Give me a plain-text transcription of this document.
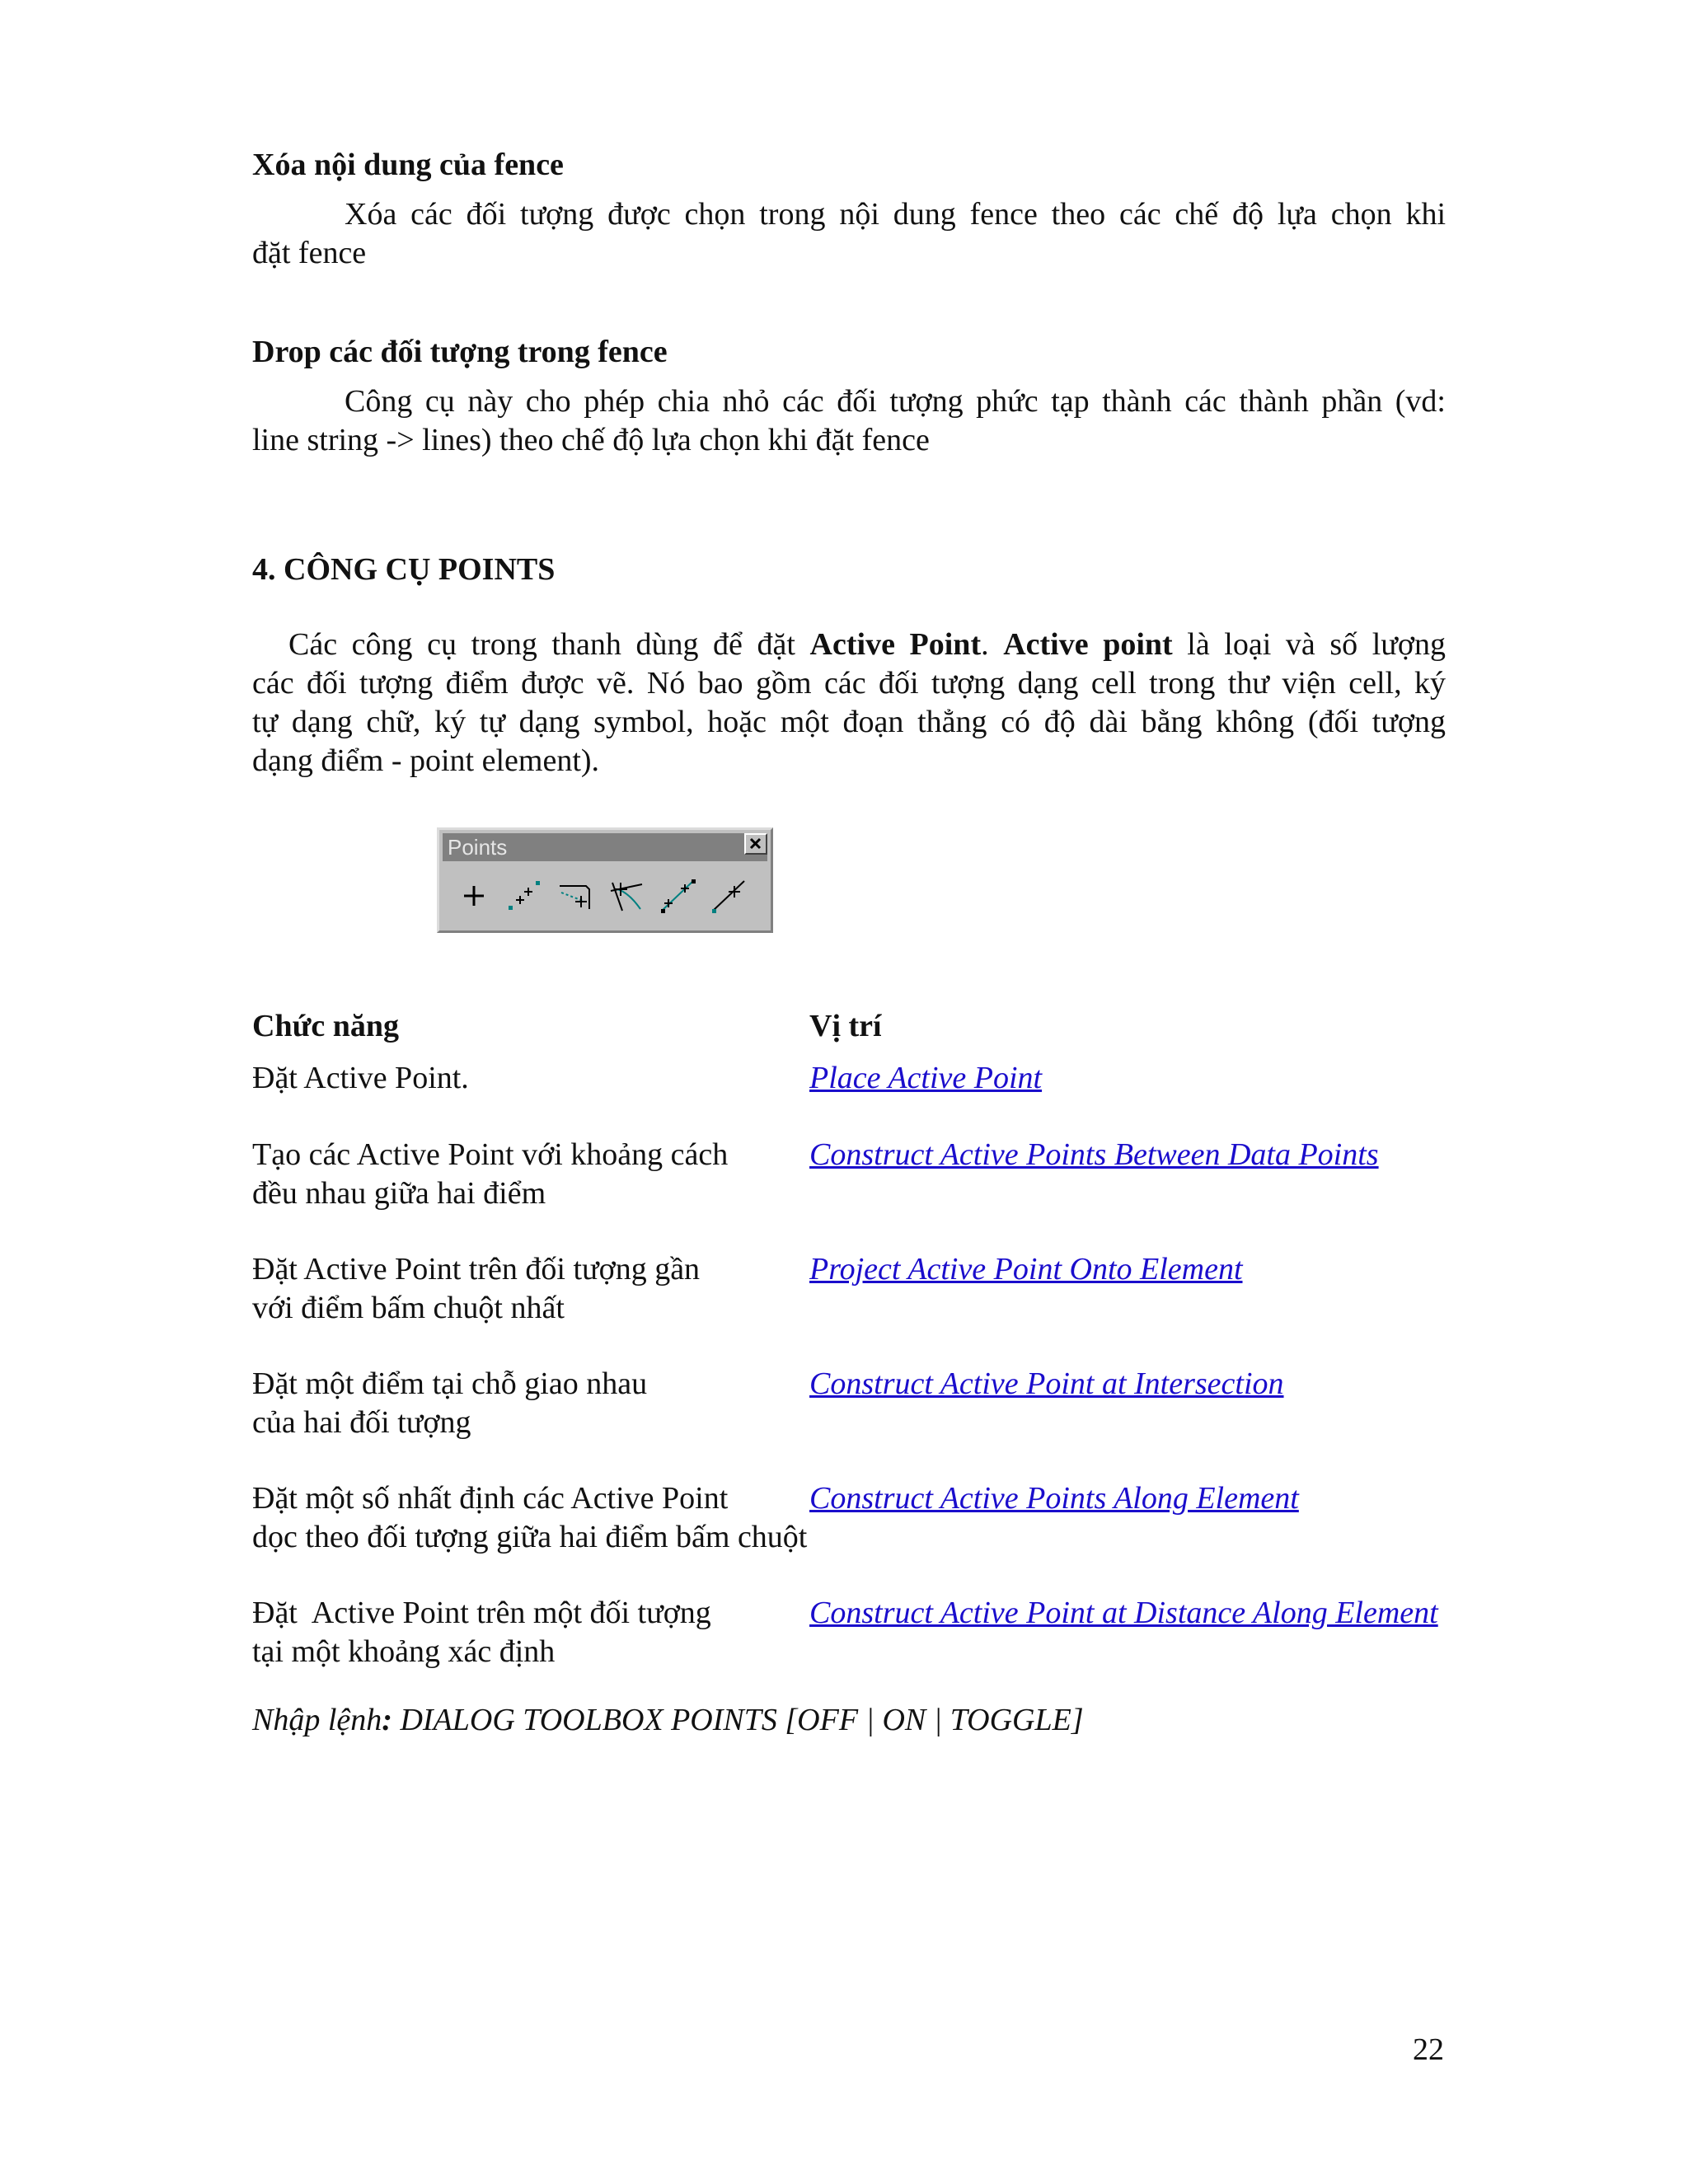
Xóa nội dung của fence

Xóa các đối tượng được chọn trong nội dung fence theo các chế độ lựa chọn khi

đặt fence

Drop các đối tượng trong fence

Công cụ này cho phép chia nhỏ các đối tượng phức tạp thành các thành phần (vd:

line string -> lines) theo chế độ lựa chọn khi đặt fence

4. CÔNG CỤ POINTS

Các công cụ trong thanh dùng để đặt Active Point. Active point là loại và số lượng

các đối tượng điểm được vẽ. Nó bao gồm các đối tượng dạng cell trong thư viện cell, ký

tự dạng chữ, ký tự dạng symbol, hoặc một đoạn thẳng có độ dài bằng không (đối tượng

dạng điểm - point element).

Points

Chức năng	Vị trí

Đặt Active Point.	Place Active Point
Tạo các Active Point với khoảng cách
đều nhau giữa hai điểm
Construct Active Points Between Data Points
Đặt Active Point trên đối tượng gần
với điểm bấm chuột nhất
Project Active Point Onto Element
Đặt một điểm tại chỗ giao nhau
của hai đối tượng
Construct Active Point at Intersection
Đặt một số nhất định các Active Point
dọc theo đối tượng giữa hai điểm bấm chuột
Construct Active Points Along Element
Đặt  Active Point trên một đối tượng
tại một khoảng xác định
Construct Active Point at Distance Along Element

Nhập lệnh: DIALOG TOOLBOX POINTS [OFF | ON | TOGGLE]

22
